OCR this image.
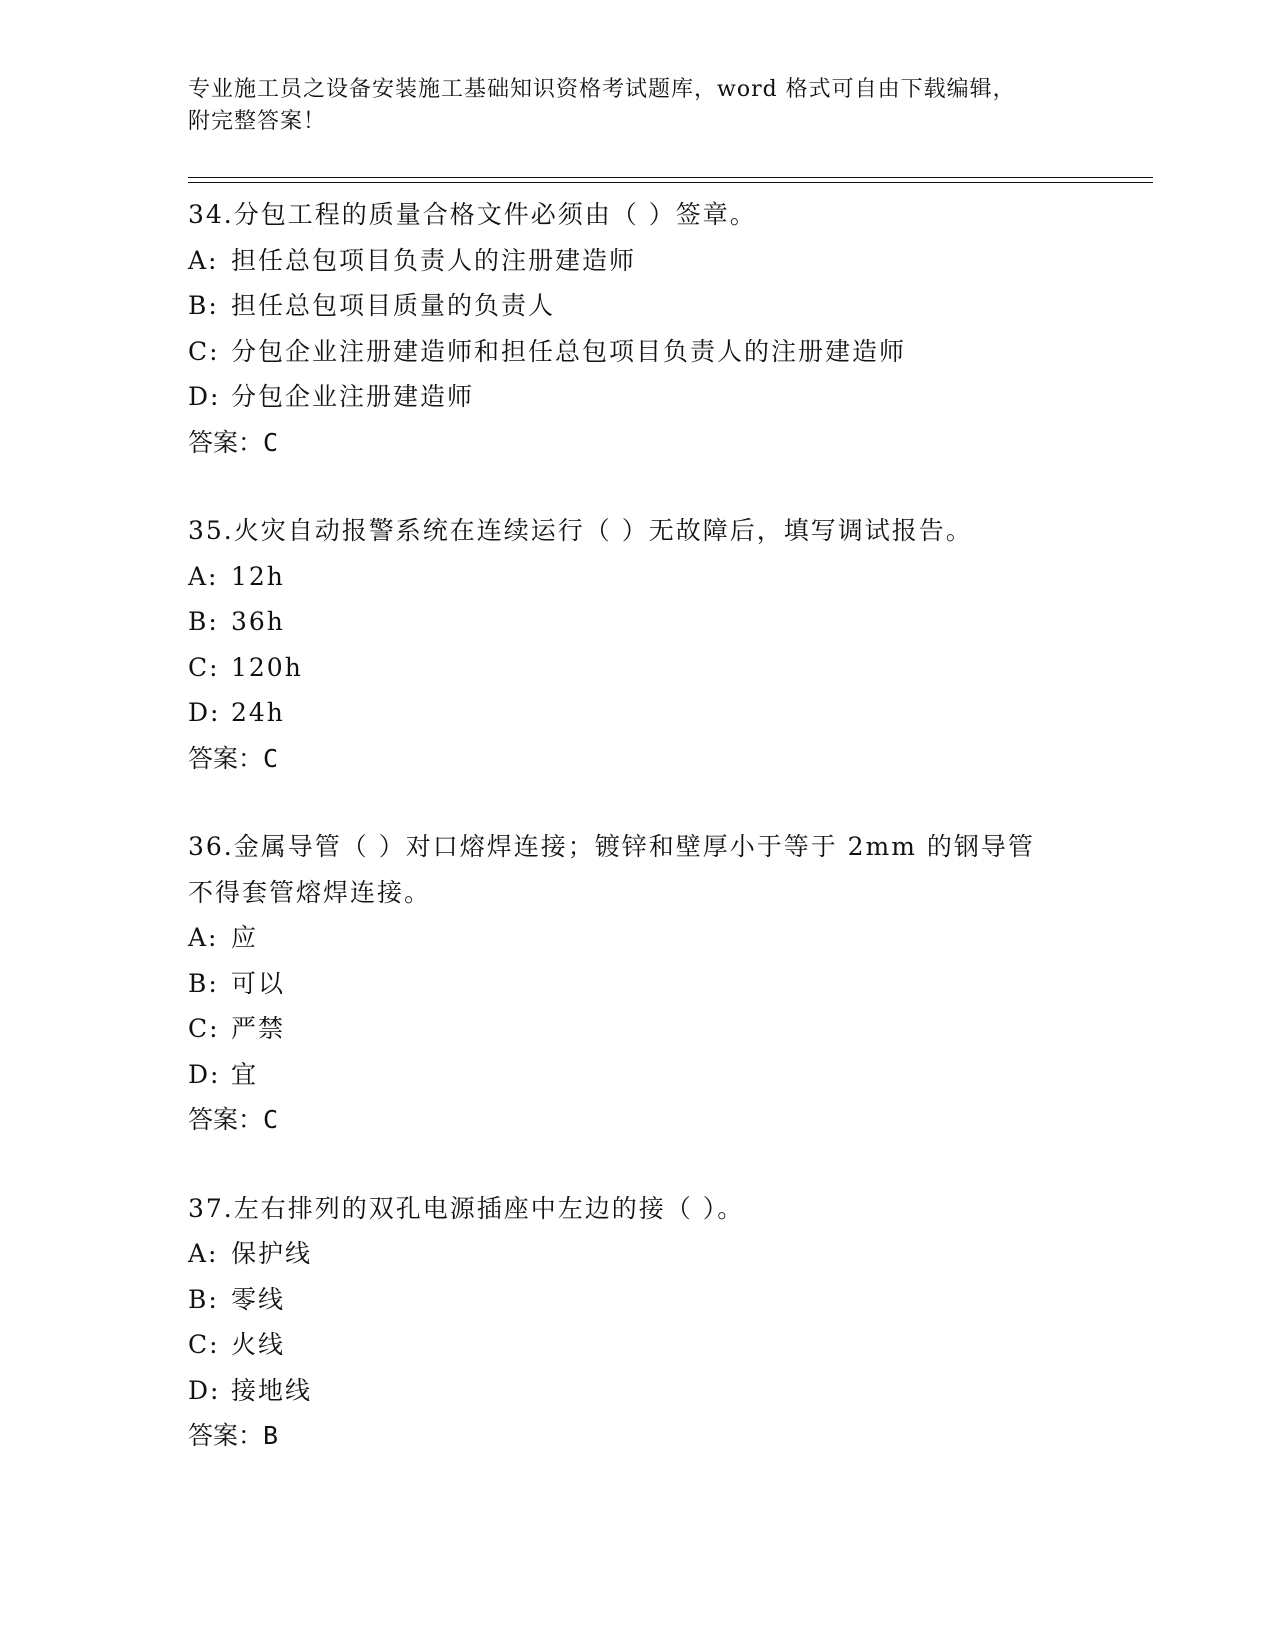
专业施工员之设备安装施工基础知识资格考试题库，word 格式可自由下载编辑，
附完整答案！
34.分包工程的质量合格文件必须由（ ）签章。
A: 担任总包项目负责人的注册建造师
B: 担任总包项目质量的负责人
C: 分包企业注册建造师和担任总包项目负责人的注册建造师
D: 分包企业注册建造师
答案：C
35.火灾自动报警系统在连续运行（ ）无故障后，填写调试报告。
A: 12h
B: 36h
C: 120h
D: 24h
答案：C
36.金属导管（ ）对口熔焊连接；镀锌和壁厚小于等于 2mm 的钢导管
不得套管熔焊连接。
A: 应
B: 可以
C: 严禁
D: 宜
答案：C
37.左右排列的双孔电源插座中左边的接（ ）。
A: 保护线
B: 零线
C: 火线
D: 接地线
答案：B
